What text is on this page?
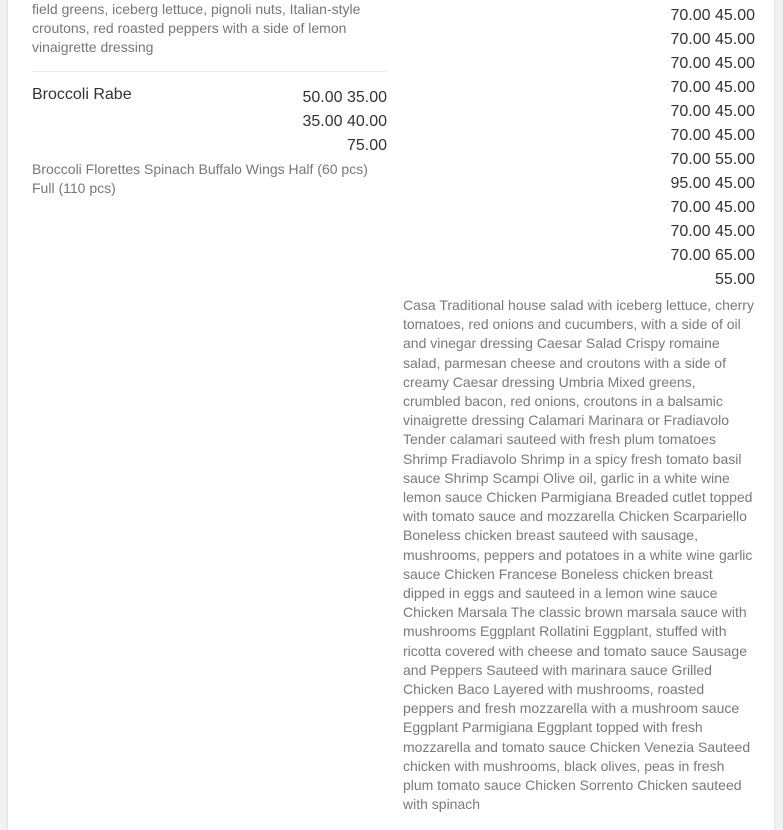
field greens, iceberg lettuce, pignoli nuts, Italian-style croutons, red roasted peppers with a side of lemon vinaigrette dressing

Broccoli Rabe	50.00 35.00
35.00 40.00
75.00

Broccoli Florettes Spinach Buffalo Wings Half (60 pcs) Full (110 pcs)

70.00 45.00
70.00 45.00
70.00 45.00
70.00 45.00
70.00 45.00
70.00 45.00
70.00 55.00
95.00 45.00
70.00 45.00
70.00 45.00
70.00 65.00
55.00

Casa Traditional house salad with iceberg lettuce, cherry tomatoes, red onions and cucumbers, with a side of oil and vinegar dressing Caesar Salad Crispy romaine salad, parmesan cheese and croutons with a side of creamy Caesar dressing Umbria Mixed greens, crumbled bacon, red onions, croutons in a balsamic vinaigrette dressing Calamari Marinara or Fradiavolo Tender calamari sauteed with fresh plum tomatoes Shrimp Fradiavolo Shrimp in a spicy fresh tomato basil sauce Shrimp Scampi Olive oil, garlic in a white wine lemon sauce Chicken Parmigiana Breaded cutlet topped with tomato sauce and mozzarella Chicken Scarpariello Boneless chicken breast sauteed with sausage, mushrooms, peppers and potatoes in a white wine garlic sauce Chicken Francese Boneless chicken breast dipped in eggs and sauteed in a lemon wine sauce Chicken Marsala The classic brown marsala sauce with mushrooms Eggplant Rollatini Eggplant, stuffed with ricotta covered with cheese and tomato sauce Sausage and Peppers Sauteed with marinara sauce Grilled Chicken Baco Layered with mushrooms, roasted peppers and fresh mozzarella with a mushroom sauce Eggplant Parmigiana Eggplant topped with fresh mozzarella and tomato sauce Chicken Venezia Sauteed chicken with mushrooms, black olives, peas in fresh plum tomato sauce Chicken Sorrento Chicken sauteed with spinach
